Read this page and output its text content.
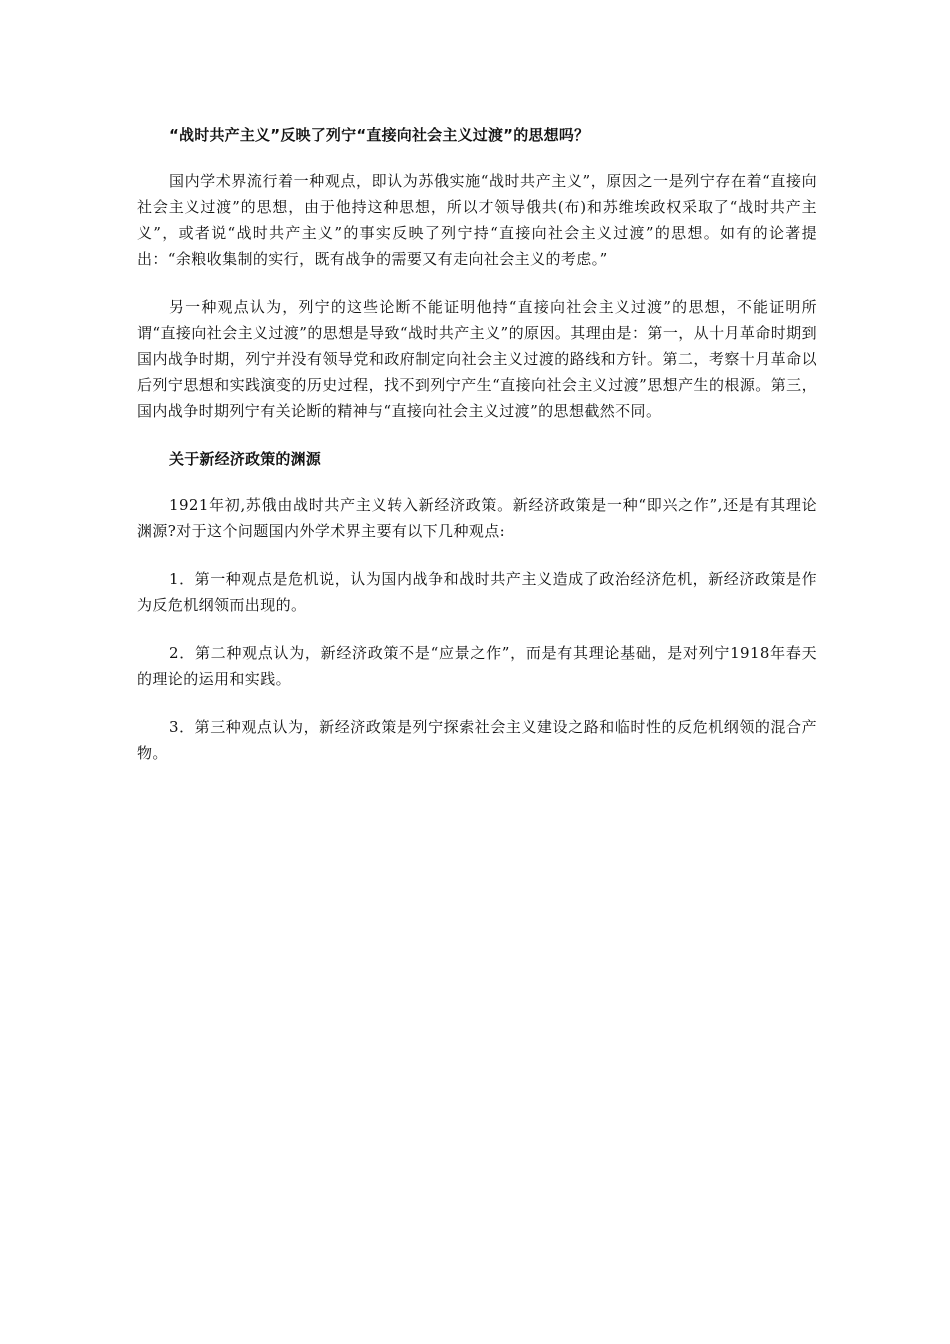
“战时共产主义”反映了列宁“直接向社会主义过渡”的思想吗？

国内学术界流行着一种观点，即认为苏俄实施“战时共产主义”，原因之一是列宁存在着“直接向社会主义过渡”的思想，由于他持这种思想，所以才领导俄共(布)和苏维埃政权采取了“战时共产主义”，或者说“战时共产主义”的事实反映了列宁持“直接向社会主义过渡”的思想。如有的论著提出：“余粮收集制的实行，既有战争的需要又有走向社会主义的考虑。”

另一种观点认为，列宁的这些论断不能证明他持“直接向社会主义过渡”的思想，不能证明所谓“直接向社会主义过渡”的思想是导致“战时共产主义”的原因。其理由是：第一，从十月革命时期到国内战争时期，列宁并没有领导党和政府制定向社会主义过渡的路线和方针。第二，考察十月革命以后列宁思想和实践演变的历史过程，找不到列宁产生“直接向社会主义过渡”思想产生的根源。第三，国内战争时期列宁有关论断的精神与“直接向社会主义过渡”的思想截然不同。

关于新经济政策的渊源

1921年初,苏俄由战时共产主义转入新经济政策。新经济政策是一种“即兴之作”,还是有其理论渊源?对于这个问题国内外学术界主要有以下几种观点:

1．第一种观点是危机说，认为国内战争和战时共产主义造成了政治经济危机，新经济政策是作为反危机纲领而出现的。

2．第二种观点认为，新经济政策不是“应景之作”，而是有其理论基础，是对列宁1918年春天的理论的运用和实践。

3．第三种观点认为，新经济政策是列宁探索社会主义建设之路和临时性的反危机纲领的混合产物。
